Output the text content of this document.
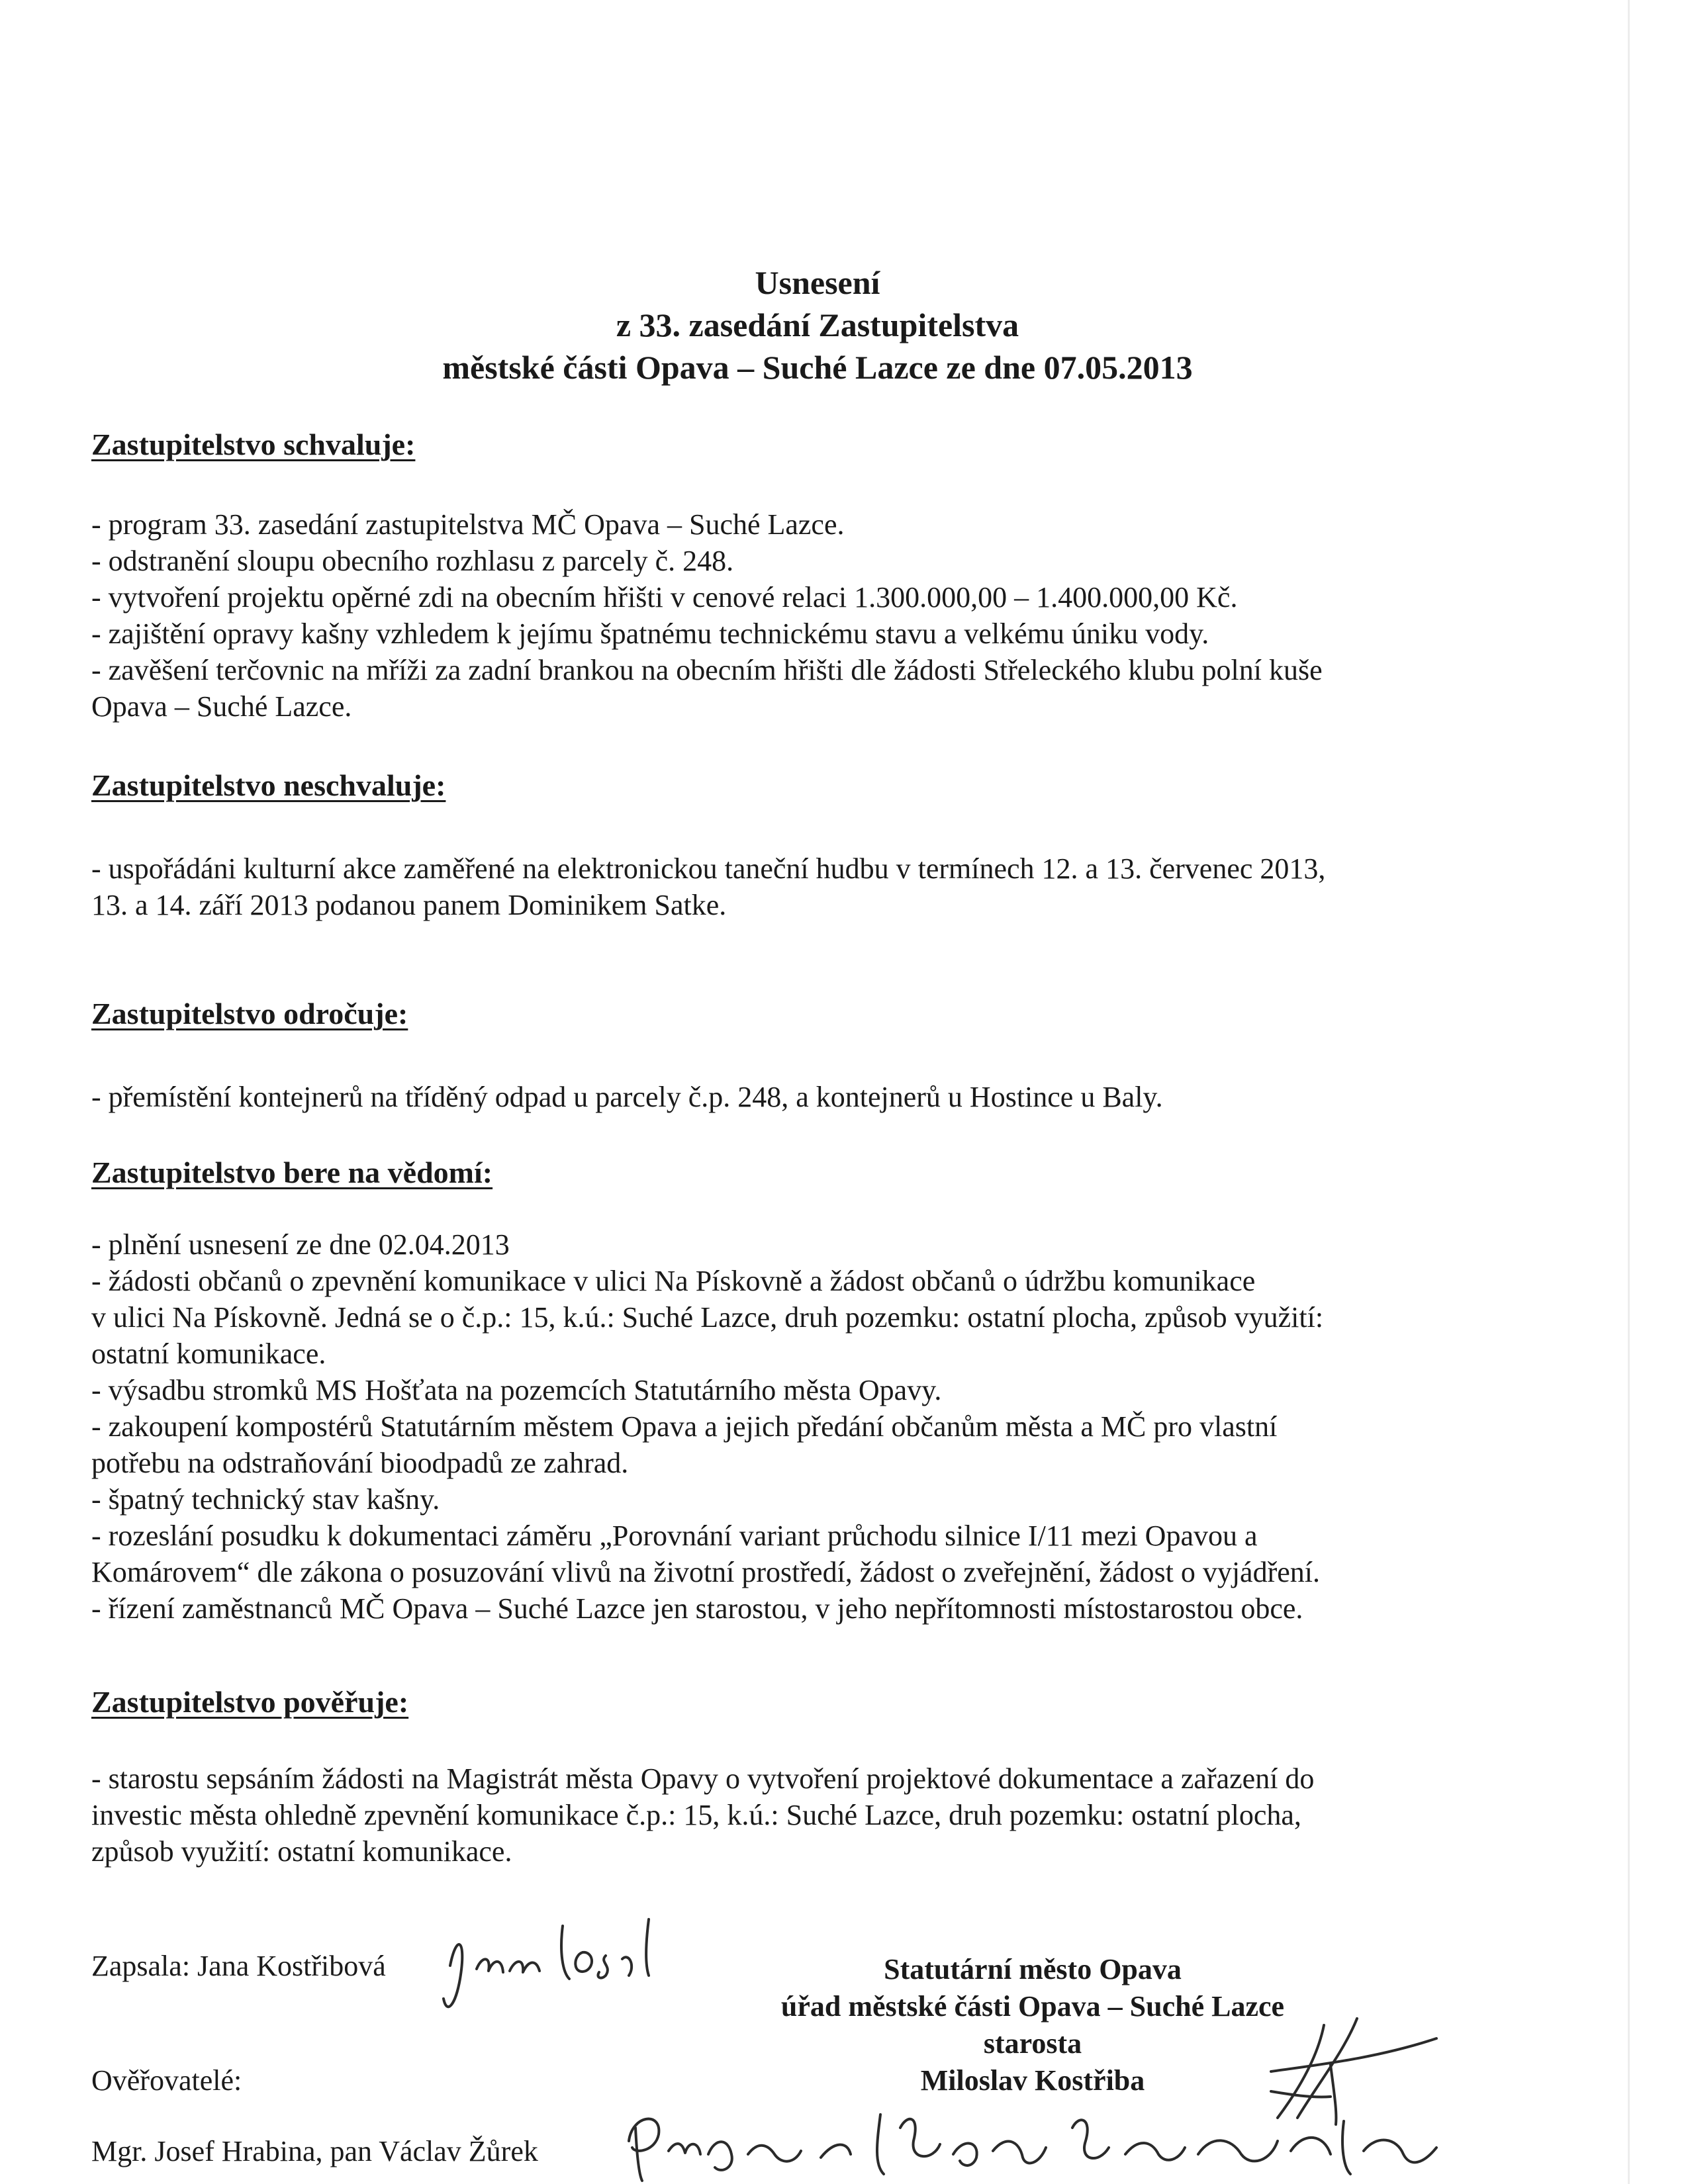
Usnesení
z 33. zasedání Zastupitelstva
městské části Opava – Suché Lazce ze dne 07.05.2013
Zastupitelstvo schvaluje:
- program 33. zasedání zastupitelstva MČ Opava – Suché Lazce.
- odstranění sloupu obecního rozhlasu z parcely č. 248.
- vytvoření projektu opěrné zdi na obecním hřišti v cenové relaci 1.300.000,00 – 1.400.000,00 Kč.
- zajištění opravy kašny vzhledem k jejímu špatnému technickému stavu a velkému úniku vody.
- zavěšení terčovnic na mříži za zadní brankou na obecním hřišti dle žádosti Střeleckého klubu polní kuše
Opava – Suché Lazce.
Zastupitelstvo neschvaluje:
- uspořádáni kulturní akce zaměřené na elektronickou taneční hudbu v termínech 12. a 13. červenec 2013,
13. a 14. září 2013 podanou panem Dominikem Satke.
Zastupitelstvo odročuje:
- přemístění kontejnerů na tříděný odpad u parcely č.p. 248, a kontejnerů u Hostince u Baly.
Zastupitelstvo bere na vědomí:
- plnění usnesení ze dne 02.04.2013
- žádosti občanů o zpevnění komunikace v ulici Na Pískovně a žádost občanů o údržbu komunikace
v ulici Na Pískovně. Jedná se o č.p.: 15, k.ú.: Suché Lazce, druh pozemku: ostatní plocha, způsob využití:
ostatní komunikace.
- výsadbu stromků MS Hošťata na pozemcích Statutárního města Opavy.
- zakoupení kompostérů Statutárním městem Opava a jejich předání občanům města a MČ pro vlastní
potřebu na odstraňování bioodpadů ze zahrad.
- špatný technický stav kašny.
- rozeslání posudku k dokumentaci záměru „Porovnání variant průchodu silnice I/11 mezi Opavou a
Komárovem“ dle zákona o posuzování vlivů na životní prostředí, žádost o zveřejnění, žádost o vyjádření.
- řízení zaměstnanců MČ Opava – Suché Lazce jen starostou, v jeho nepřítomnosti místostarostou obce.
Zastupitelstvo pověřuje:
- starostu sepsáním žádosti na Magistrát města Opavy o vytvoření projektové dokumentace a zařazení do
investic města ohledně zpevnění komunikace č.p.: 15, k.ú.: Suché Lazce, druh pozemku: ostatní plocha,
způsob využití: ostatní komunikace.
Zapsala: Jana Kostřibová
Ověřovatelé:
Mgr. Josef Hrabina, pan Václav Žůrek
Statutární město Opava
úřad městské části Opava – Suché Lazce
starosta
Miloslav Kostřiba
